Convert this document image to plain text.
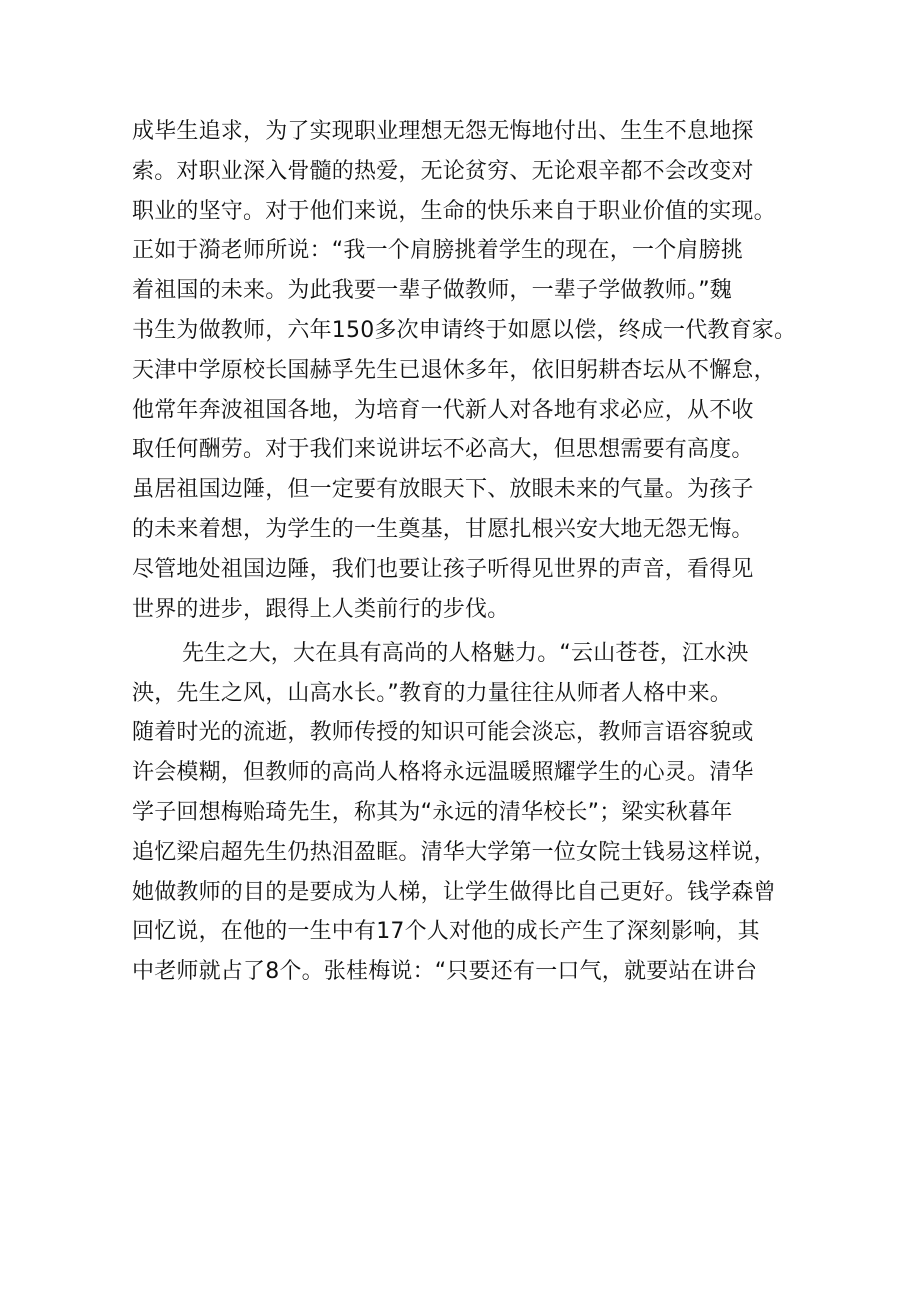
成毕生追求，为了实现职业理想无怨无悔地付出、生生不息地探
索。对职业深入骨髓的热爱，无论贫穷、无论艰辛都不会改变对
职业的坚守。对于他们来说，生命的快乐来自于职业价值的实现。
正如于漪老师所说：“我一个肩膀挑着学生的现在，一个肩膀挑
着祖国的未来。为此我要一辈子做教师，一辈子学做教师。”魏
书生为做教师，六年150多次申请终于如愿以偿，终成一代教育家。
天津中学原校长国赫孚先生已退休多年，依旧躬耕杏坛从不懈怠，
他常年奔波祖国各地，为培育一代新人对各地有求必应，从不收
取任何酬劳。对于我们来说讲坛不必高大，但思想需要有高度。
虽居祖国边陲，但一定要有放眼天下、放眼未来的气量。为孩子
的未来着想，为学生的一生奠基，甘愿扎根兴安大地无怨无悔。
尽管地处祖国边陲，我们也要让孩子听得见世界的声音，看得见
世界的进步，跟得上人类前行的步伐。
先生之大，大在具有高尚的人格魅力。“云山苍苍，江水泱
泱，先生之风，山高水长。”教育的力量往往从师者人格中来。
随着时光的流逝，教师传授的知识可能会淡忘，教师言语容貌或
许会模糊，但教师的高尚人格将永远温暖照耀学生的心灵。清华
学子回想梅贻琦先生，称其为“永远的清华校长”；梁实秋暮年
追忆梁启超先生仍热泪盈眶。清华大学第一位女院士钱易这样说，
她做教师的目的是要成为人梯，让学生做得比自己更好。钱学森曾
回忆说，在他的一生中有17个人对他的成长产生了深刻影响，其
中老师就占了8个。张桂梅说：“只要还有一口气，就要站在讲台
